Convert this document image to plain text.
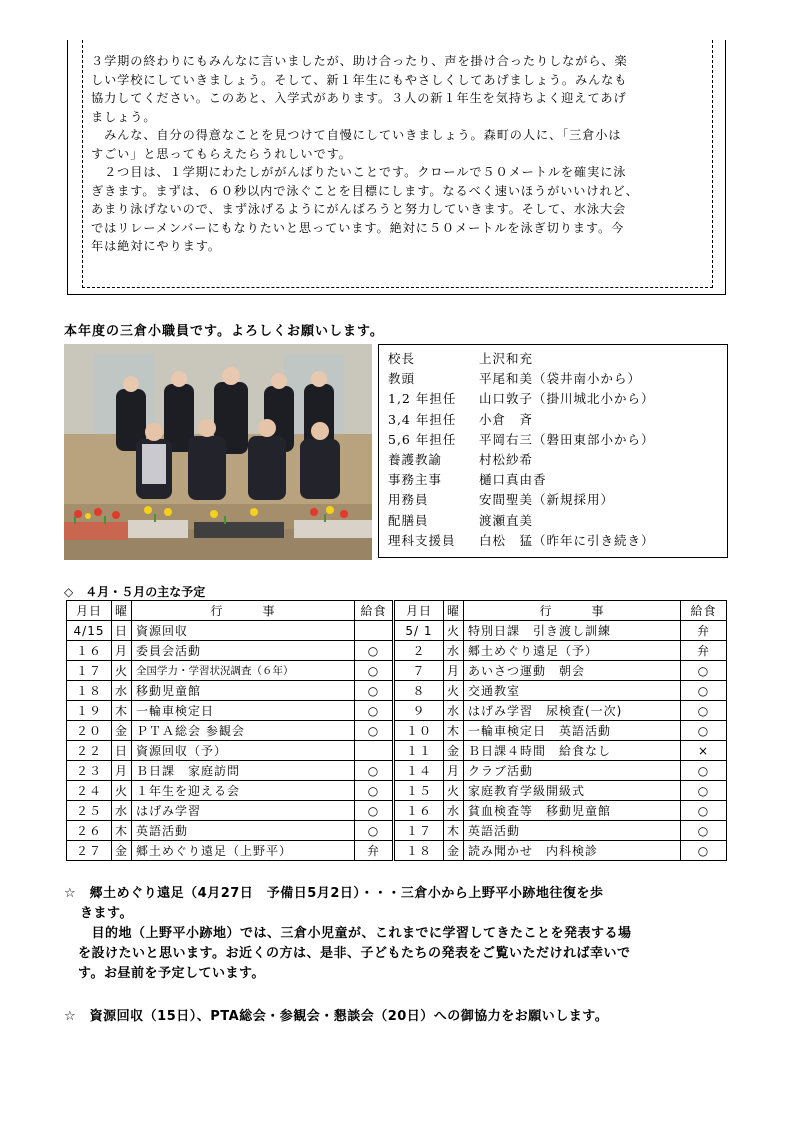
３学期の終わりにもみんなに言いましたが、助け合ったり、声を掛け合ったりしながら、楽

しい学校にしていきましょう。そして、新１年生にもやさしくしてあげましょう。みんなも

協力してください。このあと、入学式があります。３人の新１年生を気持ちよく迎えてあげ

ましょう。

　みんな、自分の得意なことを見つけて自慢にしていきましょう。森町の人に、「三倉小は

すごい」と思ってもらえたらうれしいです。

　２つ目は、１学期にわたしががんばりたいことです。クロールで５０メートルを確実に泳

ぎきます。まずは、６０秒以内で泳ぐことを目標にします。なるべく速いほうがいいけれど、

あまり泳げないので、まず泳げるようにがんばろうと努力していきます。そして、水泳大会

ではリレーメンバーにもなりたいと思っています。絶対に５０メートルを泳ぎ切ります。今

年は絶対にやります。

本年度の三倉小職員です。よろしくお願いします。
校長	上沢和充
教頭	平尾和美（袋井南小から）
1,2 年担任 山口敦子（掛川城北小から）
3,4 年担任 小倉　斉
5,6 年担任 平岡右三（磐田東部小から）
養護教諭	村松紗希
事務主事	樋口真由香
用務員	安間聖美（新規採用）
配膳員	渡瀬直美
理科支援員 白松　猛（昨年に引き続き）
◇　４月・５月の主な予定
月日	曜	行　　　事	給食	月日	曜	行　　　事	給食
4/15	日	資源回収		5/ 1	火	特別日課　引き渡し訓練	弁
１６	月	委員会活動	○	２	水	郷土めぐり遠足（予）	弁
１７	火	全国学力・学習状況調査（６年）	○	７	月	あいさつ運動　朝会	○
１８	水	移動児童館	○	８	火	交通教室	○
１９	木	一輪車検定日	○	９	水	はげみ学習　尿検査(一次)	○
２０	金	ＰＴＡ総会 参観会	○	１０	木	一輪車検定日　英語活動	○
２２	日	資源回収（予）		１１	金	Ｂ日課４時間　給食なし	×
２３	月	Ｂ日課　家庭訪問	○	１４	月	クラブ活動	○
２４	火	１年生を迎える会	○	１５	火	家庭教育学級開級式	○
２５	水	はげみ学習	○	１６	水	貧血検査等　移動児童館	○
２６	木	英語活動	○	１７	木	英語活動	○
２７	金	郷土めぐり遠足（上野平）	弁	１８	金	読み聞かせ　内科検診	○

☆　郷土めぐり遠足（4月27日　予備日5月2日）・・・三倉小から上野平小跡地往復を歩

きます。

　目的地（上野平小跡地）では、三倉小児童が、これまでに学習してきたことを発表する場

を設けたいと思います。お近くの方は、是非、子どもたちの発表をご覧いただければ幸いで

す。お昼前を予定しています。

☆　資源回収（15日）、PTA総会・参観会・懇談会（20日）への御協力をお願いします。
